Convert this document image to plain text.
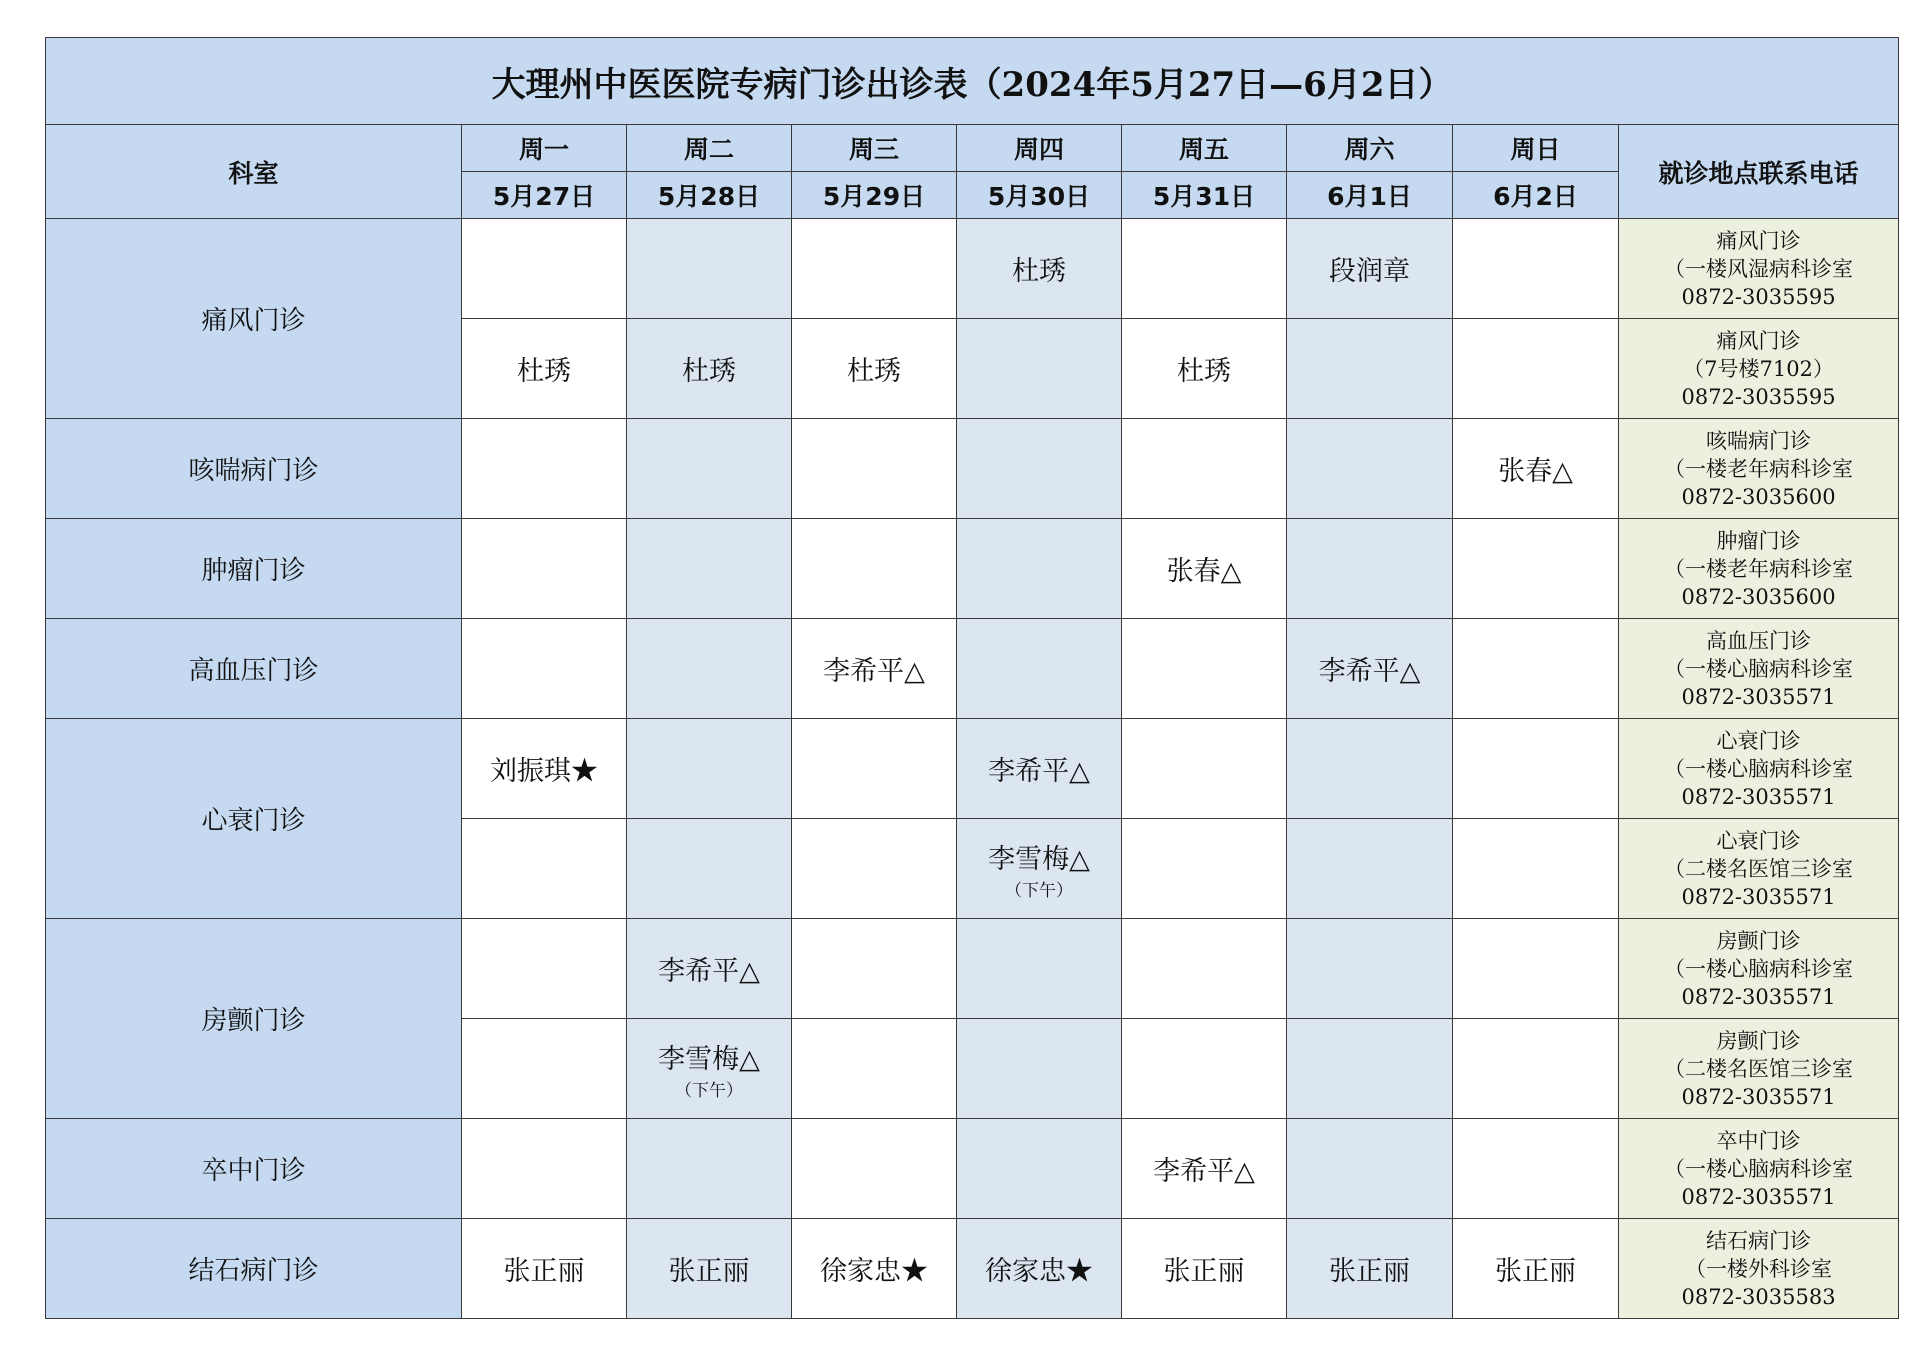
大理州中医医院专病门诊出诊表（2024年5月27日—6月2日）								
科室	周一	周二	周三	周四	周五	周六	周日	就诊地点联系电话
	5月27日	5月28日	5月29日	5月30日	5月31日	6月1日	6月2日	
痛风门诊				杜琇		段润章		痛风门诊
（一楼风湿病科诊室
0872-3035595

	杜琇	杜琇	杜琇		杜琇			痛风门诊
（7号楼7102）
0872-3035595

咳喘病门诊							张春△	咳喘病门诊
（一楼老年病科诊室
0872-3035600

肿瘤门诊					张春△			肿瘤门诊
（一楼老年病科诊室
0872-3035600

高血压门诊			李希平△			李希平△		高血压门诊
（一楼心脑病科诊室
0872-3035571

心衰门诊	刘振琪★			李希平△				心衰门诊
（一楼心脑病科诊室
0872-3035571

				李雪梅△（下午）				心衰门诊
（二楼名医馆三诊室
0872-3035571

房颤门诊		李希平△						房颤门诊
（一楼心脑病科诊室
0872-3035571

		李雪梅△（下午）						房颤门诊
（二楼名医馆三诊室
0872-3035571

卒中门诊					李希平△			卒中门诊
（一楼心脑病科诊室
0872-3035571

结石病门诊	张正丽	张正丽	徐家忠★	徐家忠★	张正丽	张正丽	张正丽	结石病门诊
（一楼外科诊室
0872-3035583
